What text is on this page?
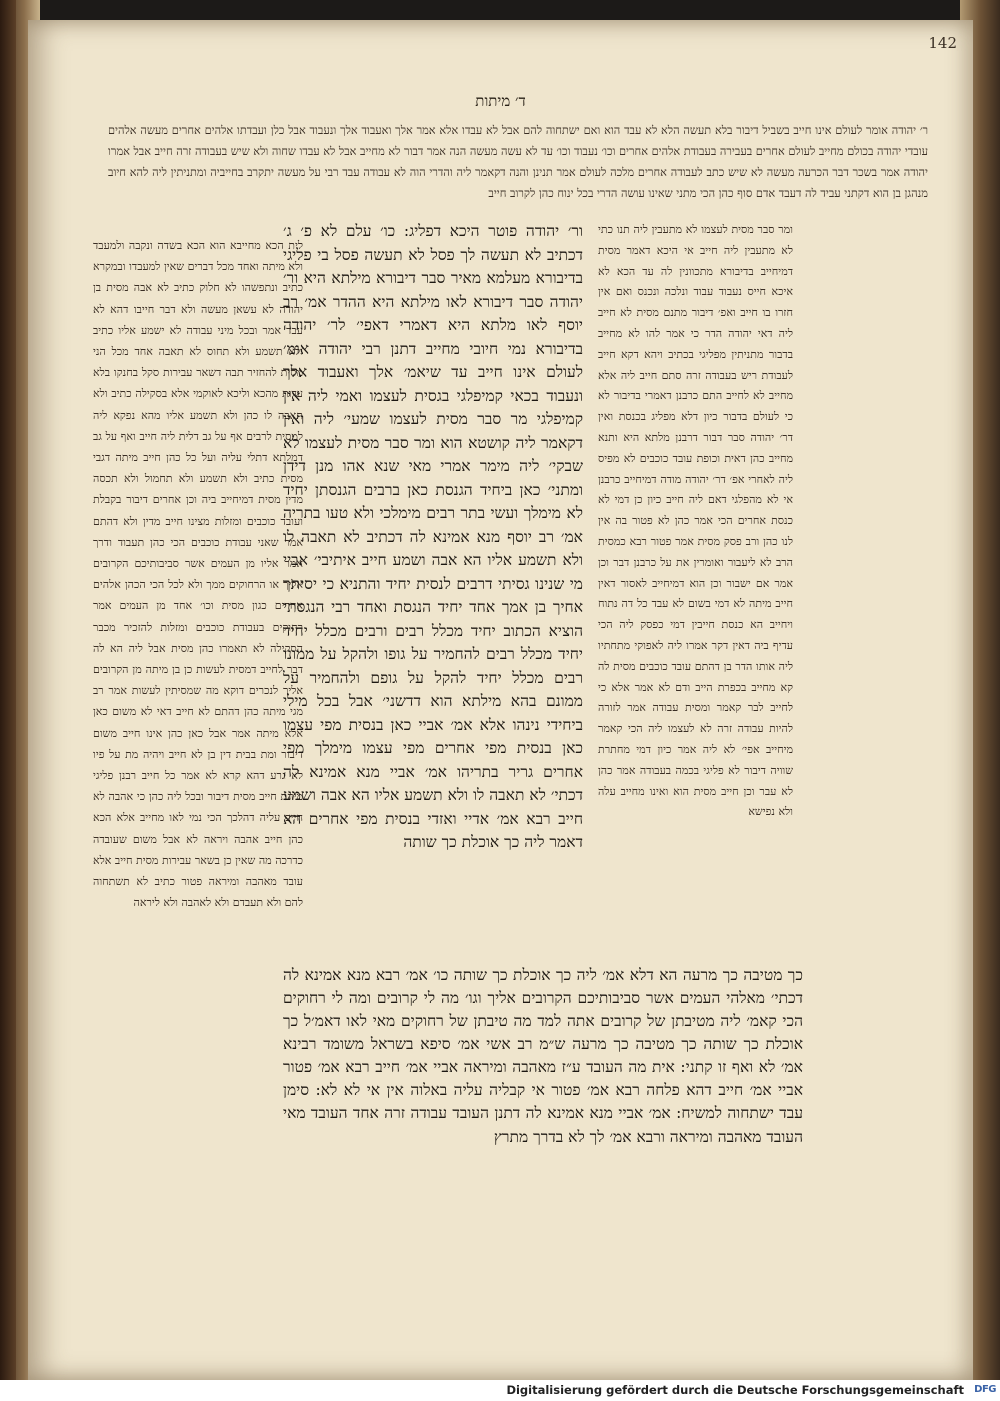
142
ד׳ מיתות
ר׳ יהודה אומר לעולם אינו חייב בשביל דיבור בלא תעשה הלא לא עבד הוא ואם ישתחוה להם אבל לא עבדו אלא אמר אלך ואעבוד אלך ונעבוד אבל כלן ועבדתו אלהים אחרים מעשה אלהים עובדי יהודה בכולם מחייב לעולם אחרים בעבירה בעבודת אלהים אחרים וכו׳ נעבוד וכו׳ עד לא עשה מעשה הנה אמר דבור לא מחייב אבל לא עבדו שחוה ולא שיש בעבודה זרה חייב אבל אמרו יהודה אמר בשכר דבר הכרעה מעשה לא שיש כתב לעבודה אחרים מלכה לעולם אמר תנינן והנה דקאמר ליה והדרי הוה לא עבודה עבד רבי על מעשה יתקרב בחייביה ומתניתין ליה להא חיוב מנהגן בן הוא דקתני עביד לה דעבד אדם סוף כהן הכי מתני שאינו עושה הדרי בכל ינוח כהן לקרוב חייב
ומר סבר מסית לעצמו לא מתעבין ליה תנו כתי לא מתעבין ליה חייב אי היכא דאמר מסית דמיחייב בדיבורא מתכוונין לה עד הכא לא איכא חייס נעבוד עבוד ונלכה ונכנס ואם אין חזרו בו חייב ואפ׳ דיבור מתנם מסית לא חייב ליה דאי יהודה הדר כי אמר להו לא מחייב בדבור מתניתין מפליגי בכתיב ויהא דקא חייב לעבודת ריש בעבודה זרה סתם חייב ליה אלא מחייב לא לחייב התם כרבנן דאמרי בדיבור לא כי לעולם בדבור כיון דלא מפליג בכנסת ואין דר׳ יהודה סבר דבור דרבנן מלתא היא ותנא מחייב כהן דאית וכופת עובד כוכבים לא מפיס ליה לאחרי אפ׳ דר׳ יהודה מודה דמיחייב כרבנן אי לא מהפלגי דאם ליה חייב כיון כן דמי לא כנסת אחרים הכי אמר כהן לא פטור בה אין לנו כהן ורב פסק מסית אמר פטור רבא כמסית הרב לא ליעבור ואומרין את על כרבנן דבר וכן אמר אם ישבור וכן הוא דמיחייב לאסור דאין חייב מיתה לא דמי בשום לא עבד כל דה נתוח ויחייב הא כנסת חייבין דמי כפסק ליה הכי עדיף ביה דאין דקר אמרו ליה לאפוקי מתחתיו ליה אותו הדר בן דהתם עובד כוכבים מסית לה קא מחייב בכפרת הייב ודם לא אמר אלא כי לחייב לבר קאמר ומסית עבודה אמר לזורה להיות עבודה זרה לא לעצמו ליה הכי קאמר מיחייב אפי׳ לא ליה אמר כיון דמי מחתרת שוויה דיבור לא פליגי בכמה בעבודה אמר כהן לא עבר וכן חייב מסית הוא ואינו מחייב עלה ולא נפישא
לית הכא מחייבא הוא הכא בשדה ונקבה ולמעבד ולא מיתה ואחד מכל דברים שאין למעבדו ובמקרא כתיב ונתפשהו לא חלוק כתיב לא אבה מסית בן יהודה לא עשאן מעשה ולא דבר חייבו דהא לא עבד אמר ובכל מיני עבודה לא ישמע אליו כתיב ולא תשמע ולא תחוס לא תאבה אחד מכל הני מסית להחזיר תבה דשאר עבירות סקל בחנקו בלא עדות מהכא וליכא לאוקמי אלא בסקילה כתיב ולא תאבה לו כהן ולא תשמע אליו מהא נפקא ליה למסית לרבים אף על גב דלית ליה חייב ואף על גב דמלתא דתלי עליה ועל כל כהן חייב מיתה דגבי מסית כתיב ולא תשמע ולא תחמול ולא תכסה מדין מסית דמיחייב ביה וכן אחרים דיבור בקבלת ועובד כוכבים ומזלות מצינו חייב מדין ולא דהתם אמר שאני עבודת כוכבים הכי כהן תעבוד ודרך אמר אליו מן העמים אשר סביבותיכם הקרובים אליך או הרחוקים ממך ולא לכל הכי הכהן אלהים אחרים כגון מסית וכו׳ אחד מן העמים אמר רחוקים בעבודת כוכבים ומזלות להזכיר מכבר הסקילה לא תאמרו כהן מסית אבל ליה הא לה דבר לחייב דמסית לעשות כן בן מיתה מן הקרובים אליך לנכרים דוקא מה שמסיתין לעשות אמר רב מגי מיתה כהן דהתם לא חייב דאי לא משום כאן אלא מיתה אמר אבל כאן כהן אינו חייב משום דיבור ומת בבית דין בן לא חייב ויהיה מת על פיו לא גרע דהא קרא לא אמר כל חייב רבנן פליגי מיהת חייב מסית דיבור ובכל ליה כהן כי אהבה לא חייב עליה דהלכך הכי נמי לאו מחייב אלא הכא כהן חייב אהבה ויראה לא אבל משום שעובדה כדרכה מה שאין כן בשאר עבירות מסית חייב אלא עובד מאהבה ומיראה פטור כתיב לא תשתחוה להם ולא תעבדם ולא לאהבה ולא ליראה
ור׳ יהודה פוטר היכא דפליג: כו׳ עלם לא פ׳ ג׳ דכתיב לא תעשה לך פסל לא תעשה פסל בי פליגי בדיבורא מעלמא מאיר סבר דיבורא מילתא היא ור׳ יהודה סבר דיבורא לאו מילתא היא ההדר אמ׳ רב יוסף לאו מלתא היא דאמרי דאפי׳ לר׳ יהודה בדיבורא נמי חיובי מחייב דתנן רבי יהודה אומ׳ לעולם אינו חייב עד שיאמ׳ אלך ואעבוד אלך ונעבוד בכאי קמיפלגי בגסית לעצמו ואמי ליה אין קמיפלגי מר סבר מסית לעצמו שמעי׳ ליה ואין דקאמר ליה קושטא הוא ומר סבר מסית לעצמו לא שבקי׳ ליה מימר אמרי מאי שנא אהו מנן דידן ומתני׳ כאן ביחיד הגנסת כאן ברבים הגנסתן יחיד לא מימלך ועשי בתר רבים מימלכי ולא טעו בתריה אמ׳ רב יוסף מנא אמינא לה דכתיב לא תאבה לו ולא תשמע אליו הא אבה ושמע חייב איתיבי׳ אביי מי שנינו גסיתי דרבים לנסית יחיד והתניא כי יסיתך אחיך בן אמך אחד יחיד הנגסת ואחד רבי הנגסתי הוציא הכתוב יחיד מכלל רבים ורבים מכלל יחיד יחיד מכלל רבים להחמיר על גופו ולהקל על ממונו רבים מכלל יחיד להקל על גופם ולהחמיר על ממונם בהא מילתא הוא דדשני׳ אבל בכל מילי ביחידי נינהו אלא אמ׳ אביי כאן בנסית מפי עצמו כאן בנסית מפי אחרים מפי עצמו מימלך מפי אחרים גריר בתריהו אמ׳ אביי מנא אמינא לה דכתי׳ לא תאבה לו ולא תשמע אליו הא אבה ושמע חייב רבא אמ׳ אדיי ואזדי בנסית מפי אחרים הא דאמר ליה כך אוכלת כך שותה
כך מטיבה כך מרעה הא דלא אמ׳ ליה כך אוכלת כך שותה כו׳ אמ׳ רבא מנא אמינא לה דכתי׳ מאלהי העמים אשר סביבותיכם הקרובים אליך וגו׳ מה לי קרובים ומה לי רחוקים הכי קאמ׳ ליה מטיבתן של קרובים אתה למד מה טיבתן של רחוקים מאי לאו דאמ׳ל כך אוכלת כך שותה כך מטיבה כך מרעה ש״מ רב אשי אמ׳ סיפא בשראל משומד רבינא אמ׳ לא ואף זו קתני: אית מה העובד ע״ז מאהבה ומיראה אביי אמ׳ חייב רבא אמ׳ פטור אביי אמ׳ חייב דהא פלחה רבא אמ׳ פטור אי קבליה עליה באלוה אין אי לא לא: סימן עבד ישתחוה למשיח: אמ׳ אביי מנא אמינא לה דתנן העובד עבודה זרה אחד העובד מאי
העובד מאהבה ומיראה ורבא אמ׳ לך לא בדרך מתרץ
Digitalisierung gefördert durch die Deutsche Forschungsgemeinschaft DFG
